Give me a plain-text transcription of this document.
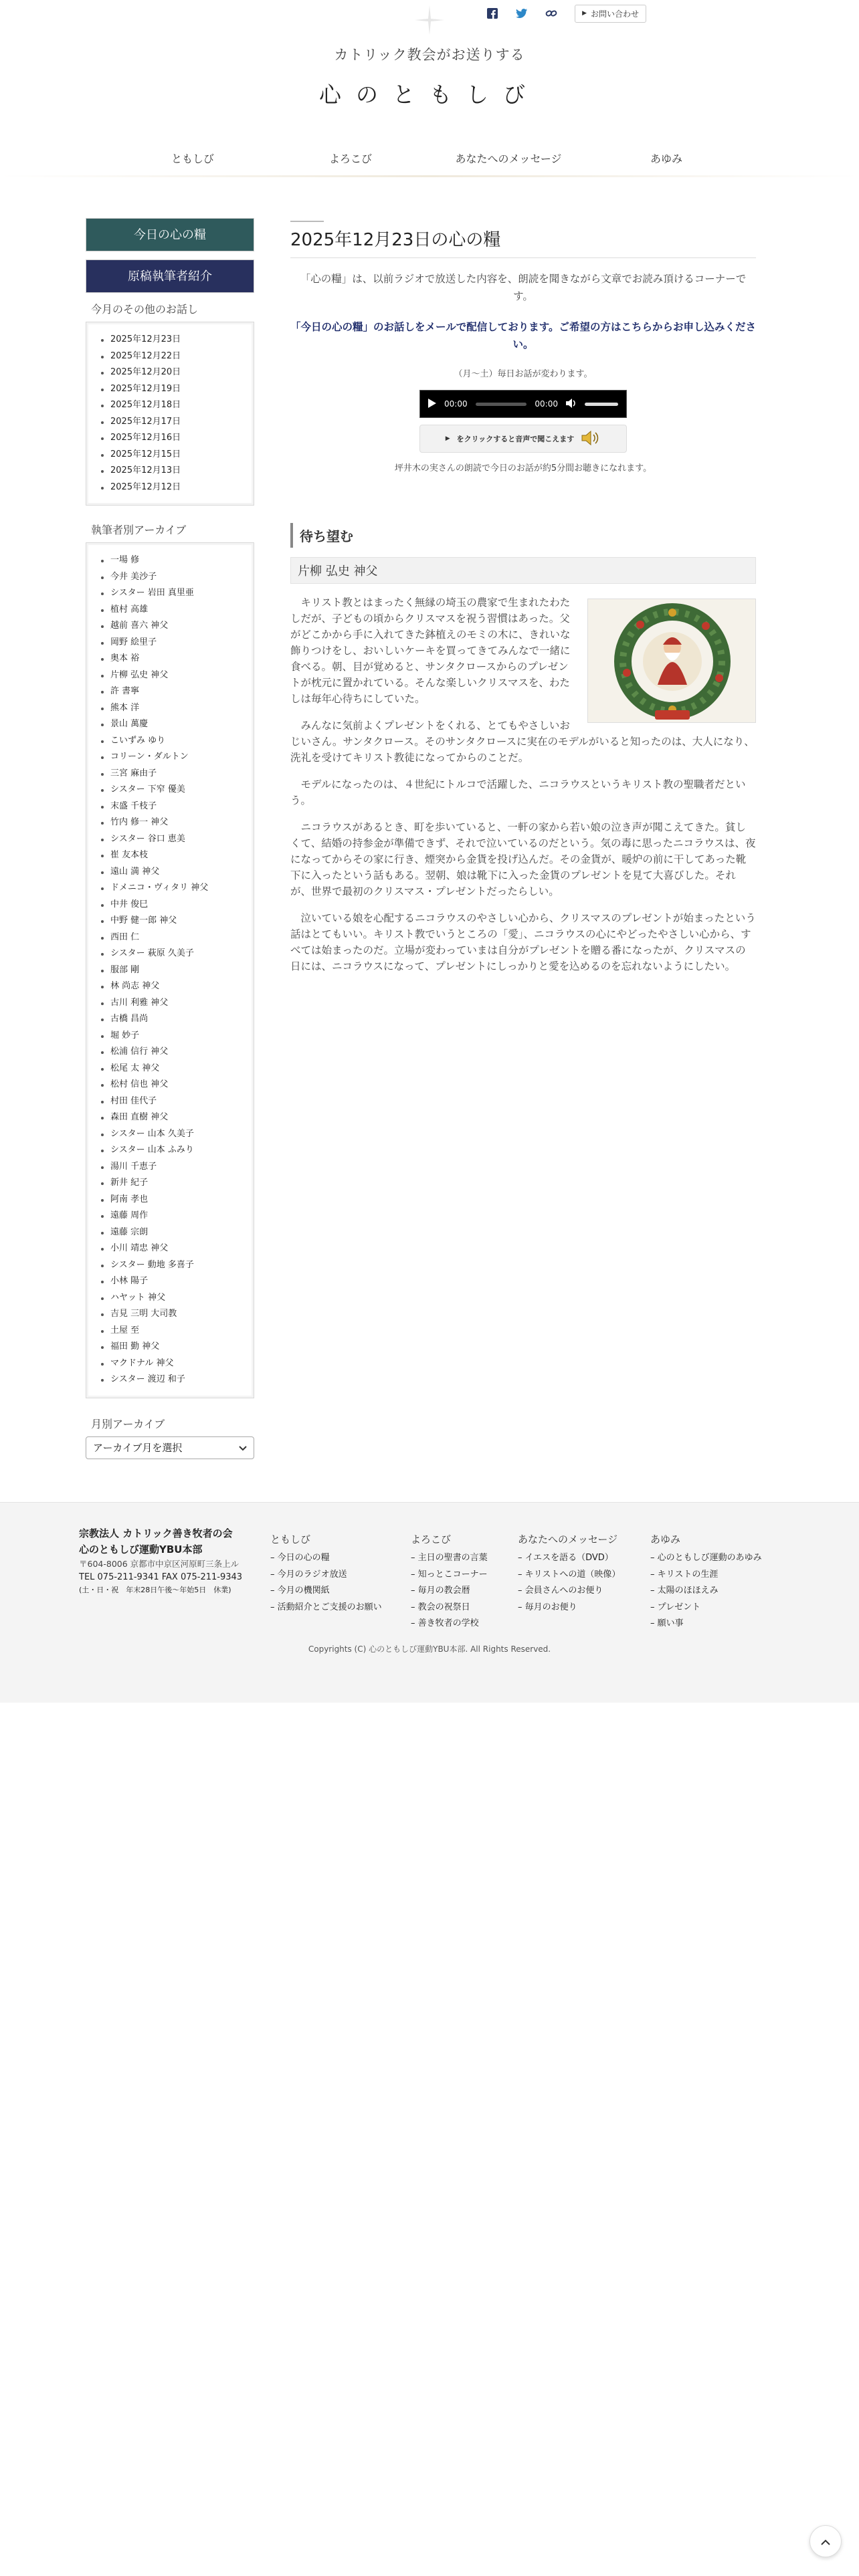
▶ お問い合わせ
カトリック教会がお送りする
心のともしび
ともしび	よろこび	あなたへのメッセージ	あゆみ
今日の心の糧
原稿執筆者紹介
今月のその他のお話し
2025年12月23日
2025年12月22日
2025年12月20日
2025年12月19日
2025年12月18日
2025年12月17日
2025年12月16日
2025年12月15日
2025年12月13日
2025年12月12日
執筆者別アーカイブ
一場 修
今井 美沙子
シスター 岩田 真里亜
植村 高雄
越前 喜六 神父
岡野 絵里子
奥本 裕
片柳 弘史 神父
許 書寧
熊本 洋
景山 萬慶
こいずみ ゆり
コリーン・ダルトン
三宮 麻由子
シスター 下窄 優美
末盛 千枝子
竹内 修一 神父
シスター 谷口 恵美
崔 友本枝
遠山 満 神父
ドメニコ・ヴィタリ 神父
中井 俊巳
中野 健一郎 神父
西田 仁
シスター 萩原 久美子
服部 剛
林 尚志 神父
古川 利雅 神父
古橋 昌尚
堀 妙子
松浦 信行 神父
松尾 太 神父
松村 信也 神父
村田 佳代子
森田 直樹 神父
シスター 山本 久美子
シスター 山本 ふみり
湯川 千恵子
新井 紀子
阿南 孝也
遠藤 周作
遠藤 宗朗
小川 靖忠 神父
シスター 動地 多喜子
小林 陽子
ハヤット 神父
吉見 三明 大司教
土屋 至
福田 勤 神父
マクドナル 神父
シスター 渡辺 和子
月別アーカイブ
アーカイブ月を選択
2025年12月23日の心の糧

「心の糧」は、以前ラジオで放送した内容を、朗読を聞きながら文章でお読み頂けるコーナーです。

「今日の心の糧」のお話しをメールで配信しております。ご希望の方はこちらからお申し込みください。

（月〜土）毎日お話が変わります。

00:00	00:00
▶ をクリックすると音声で聞こえます

坪井木の実さんの朗読で今日のお話が約5分間お聴きになれます。

待ち望む
片柳 弘史 神父

キリスト教とはまったく無縁の埼玉の農家で生まれたわたしだが、子どもの頃からクリスマスを祝う習慣はあった。父がどこかから手に入れてきた鉢植えのモミの木に、きれいな飾りつけをし、おいしいケーキを買ってきてみんなで一緒に食べる。朝、目が覚めると、サンタクロースからのプレゼントが枕元に置かれている。そんな楽しいクリスマスを、わたしは毎年心待ちにしていた。

みんなに気前よくプレゼントをくれる、とてもやさしいおじいさん。サンタクロース。そのサンタクロースに実在のモデルがいると知ったのは、大人になり、洗礼を受けてキリスト教徒になってからのことだ。

モデルになったのは、４世紀にトルコで活躍した、ニコラウスというキリスト教の聖職者だという。

ニコラウスがあるとき、町を歩いていると、一軒の家から若い娘の泣き声が聞こえてきた。貧しくて、結婚の持参金が準備できず、それで泣いているのだという。気の毒に思ったニコラウスは、夜になってからその家に行き、煙突から金貨を投げ込んだ。その金貨が、暖炉の前に干してあった靴下に入ったという話もある。翌朝、娘は靴下に入った金貨のプレゼントを見て大喜びした。それが、世界で最初のクリスマス・プレゼントだったらしい。

泣いている娘を心配するニコラウスのやさしい心から、クリスマスのプレゼントが始まったという話はとてもいい。キリスト教でいうところの「愛」、ニコラウスの心にやどったやさしい心から、すべては始まったのだ。立場が変わっていまは自分がプレゼントを贈る番になったが、クリスマスの日には、ニコラウスになって、プレゼントにしっかりと愛を込めるのを忘れないようにしたい。

宗教法人 カトリック善き牧者の会
心のともしび運動YBU本部
〒604-8006 京都市中京区河原町三条上ル
TEL 075-211-9341 FAX 075-211-9343
(土・日・祝　年末28日午後〜年始5日　休業)
ともしび
– 今日の心の糧
– 今月のラジオ放送
– 今月の機関紙
– 活動紹介とご支援のお願い
よろこび
– 主日の聖書の言葉
– 知っとこコーナー
– 毎月の教会暦
– 教会の祝祭日
– 善き牧者の学校
あなたへのメッセージ
– イエスを語る（DVD）
– キリストへの道（映像）
– 会員さんへのお便り
– 毎月のお便り
あゆみ
– 心のともしび運動のあゆみ
– キリストの生涯
– 太陽のほほえみ
– プレゼント
– 願い事
Copyrights (C) 心のともしび運動YBU本部. All Rights Reserved.
